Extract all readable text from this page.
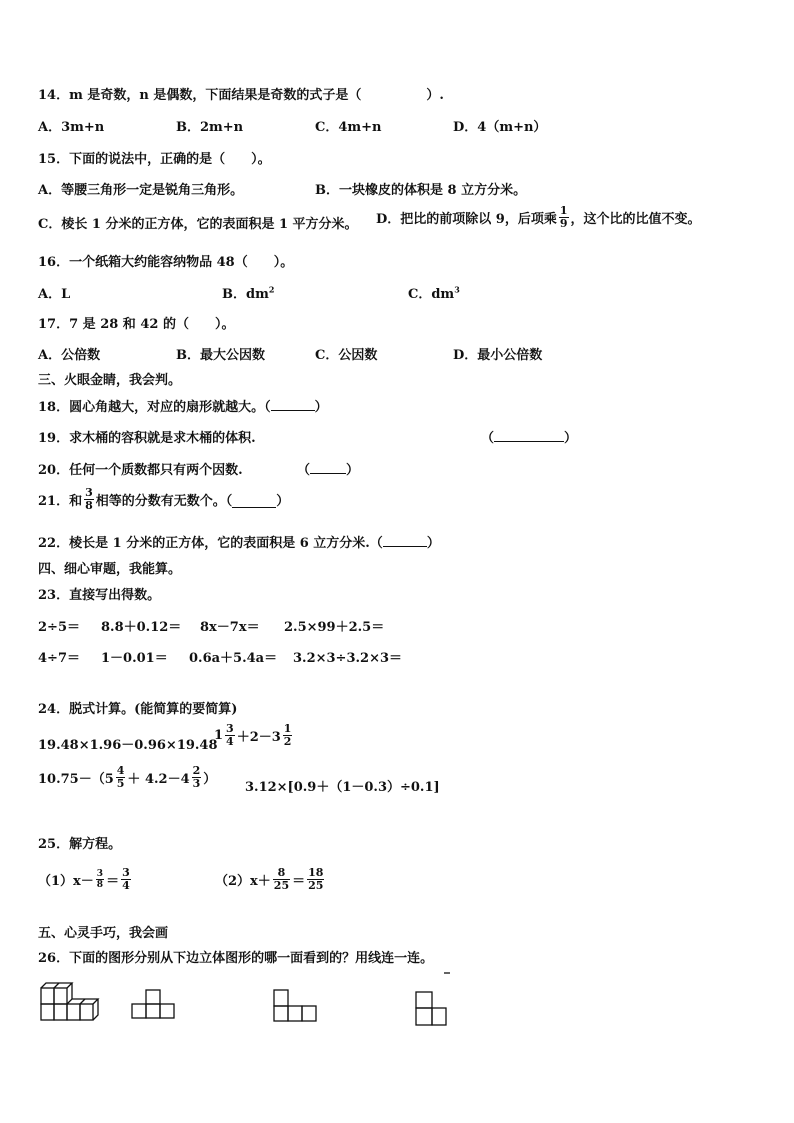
14．m 是奇数，n 是偶数，下面结果是奇数的式子是（　　　　　）.
A．3m+n	B．2m+n	C．4m+n	D．4（m+n）
15．下面的说法中，正确的是（　　）。
A．等腰三角形一定是锐角三角形。	B．一块橡皮的体积是 8 立方分米。
C．棱长 1 分米的正方体，它的表面积是 1 平方分米。 D．把比的前项除以 9，后项乘 $\frac{1}{9}$ ，这个比的比值不变。
16．一个纸箱大约能容纳物品 48（　　）。
A．L	B．$dm^2$	C．$dm^3$
17．7 是 28 和 42 的（　　）。
A．公倍数	B．最大公因数	C．公因数	D．最小公倍数
三、火眼金睛，我会判。
18．圆心角越大，对应的扇形就越大。（	）
19．求木桶的容积就是求木桶的体积.	（	）
20．任何一个质数都只有两个因数.	（	）
21．和 $\frac{3}{8}$ 相等的分数有无数个。（	）
22．棱长是 1 分米的正方体，它的表面积是 6 立方分米.（	）
四、细心审题，我能算。
23．直接写出得数。
2÷5＝ 8.8＋0.12＝ 8x－7x＝ 2.5×99＋2.5＝
4÷7＝ 1－0.01＝ 0.6a＋5.4a＝ 3.2×3÷3.2×3＝
24．脱式计算。(能简算的要简算)
19.48×1.96－0.96×19.48
$1 \frac{3}{4} +2-3 \frac{1}{2}$
$10.75-(5 \frac{4}{5} + 4.2-4 \frac{2}{3}$ ）
3.12×[0.9＋（1－0.3）÷0.1]
25．解方程。
$(1)x- \frac{3}{8} = \frac{3}{4}$	$(2)x+ \frac{8}{25} = \frac{18}{25}$
五、心灵手巧，我会画
26．下面的图形分别从下边立体图形的哪一面看到的？用线连一连。
